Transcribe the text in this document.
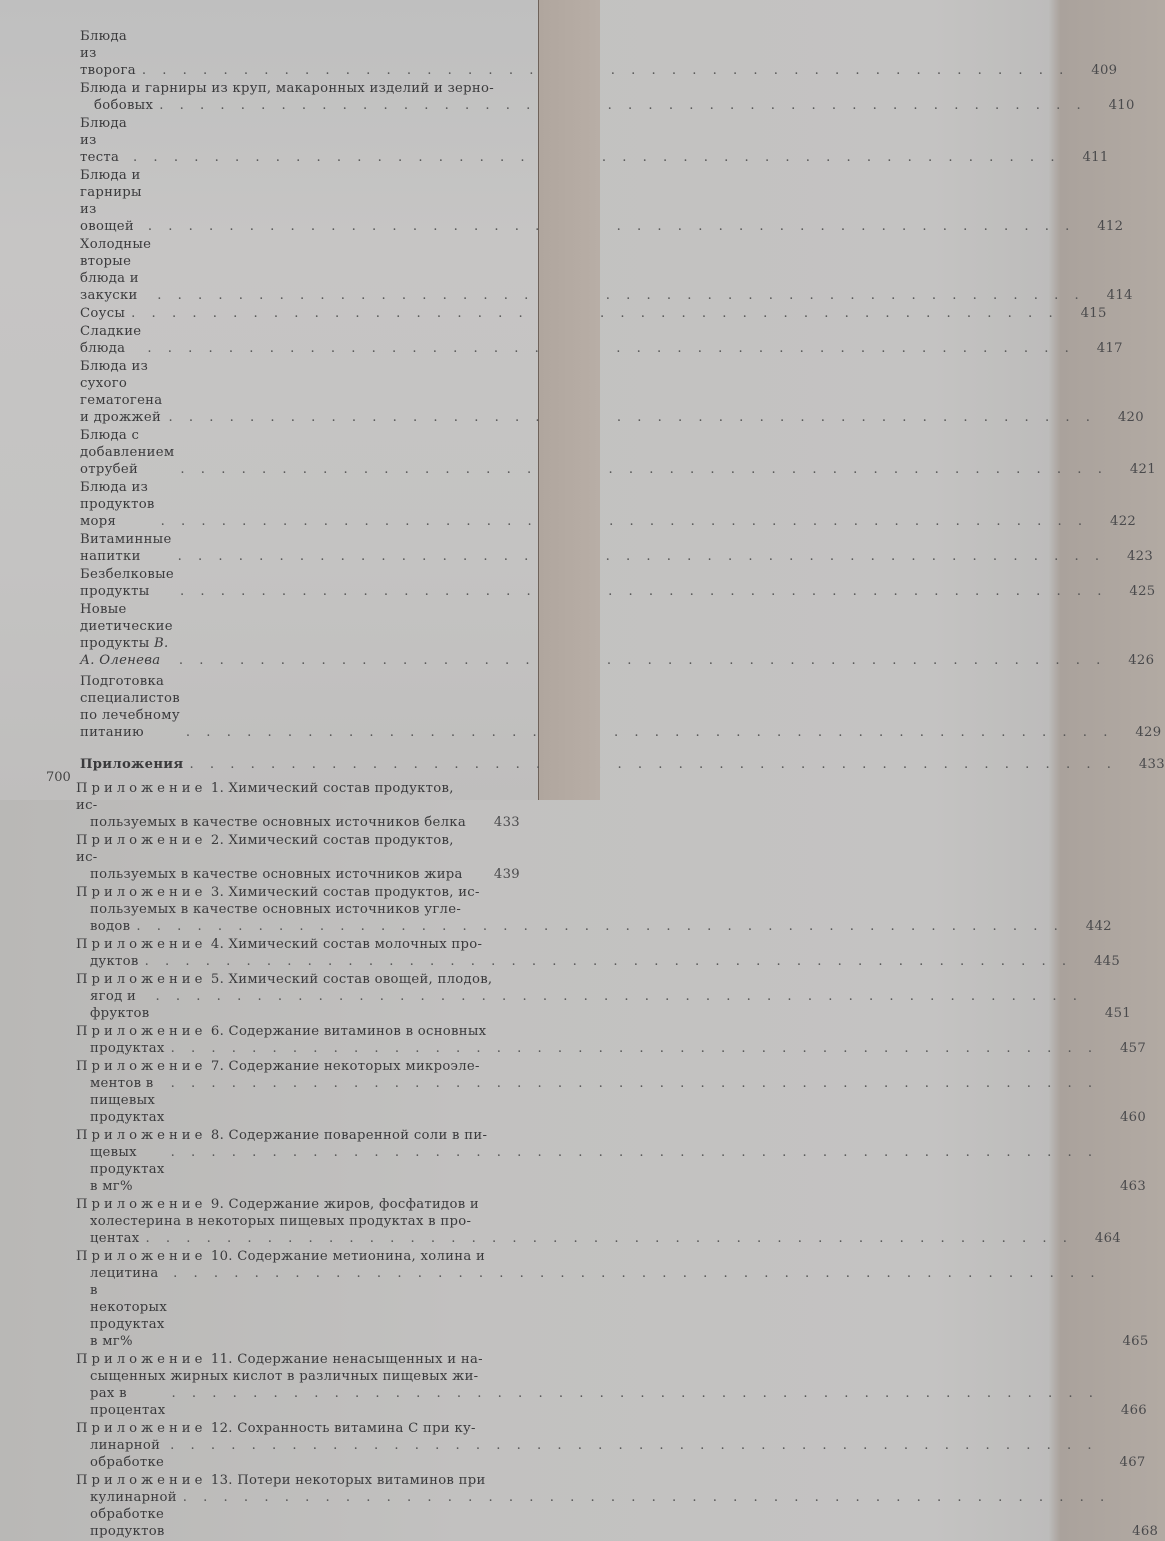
Блюда из творога . . .	409
Блюда и гарниры из круп, макаронных изделий и зерно-
бобовых . . .	410
Блюда из теста . . .	411
Блюда и гарниры из овощей . . .	412
Холодные вторые блюда и закуски . . .	414
Соусы . . .	415
Сладкие блюда . . .	417
Блюда из сухого гематогена и дрожжей . . .	420
Блюда с добавлением отрубей . . .	421
Блюда из продуктов моря . . .	422
Витаминные напитки . . .	423
Безбелковые продукты . . .	425
Новые диетические продукты В. А. Оленева . . .	426
Подготовка специалистов по лечебному питанию . . .	429
Приложения . . .	433
Приложение 1. Химический состав продуктов, ис-
пользуемых в качестве основных источников белка	433
Приложение 2. Химический состав продуктов, ис-
пользуемых в качестве основных источников жира	439
Приложение 3. Химический состав продуктов, ис-
пользуемых в качестве основных источников угле-
водов . . .	442
Приложение 4. Химический состав молочных про-
дуктов . . .	445
Приложение 5. Химический состав овощей, плодов,
ягод и фруктов . . .	451
Приложение 6. Содержание витаминов в основных
продуктах . . .	457
Приложение 7. Содержание некоторых микроэле-
ментов в пищевых продуктах . . .	460
Приложение 8. Содержание поваренной соли в пи-
щевых продуктах в мг% . . .	463
Приложение 9. Содержание жиров, фосфатидов и
холестерина в некоторых пищевых продуктах в про-
центах . . .	464
Приложение 10. Содержание метионина, холина и
лецитина в некоторых продуктах в мг% . . .	465
Приложение 11. Содержание ненасыщенных и на-
сыщенных жирных кислот в различных пищевых жи-
рах в процентах . . .	466
Приложение 12. Сохранность витамина С при ку-
линарной обработке . . .	467
Приложение 13. Потери некоторых витаминов при
кулинарной обработке продуктов . . .	468
700
